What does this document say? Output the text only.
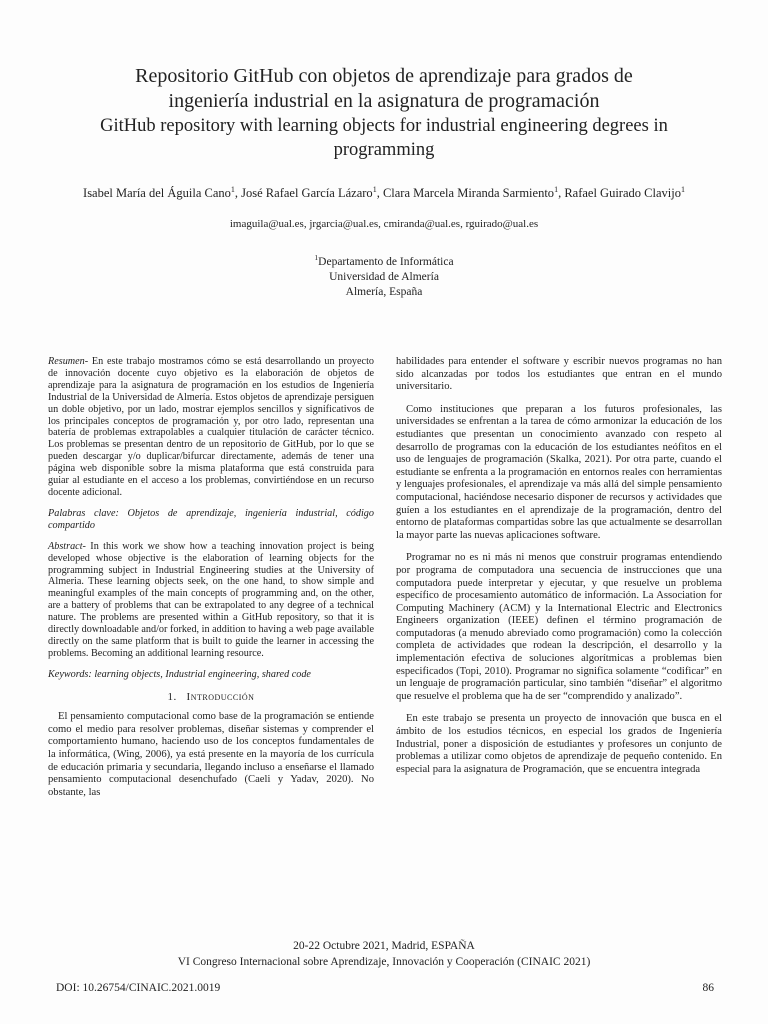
Repositorio GitHub con objetos de aprendizaje para grados de
ingeniería industrial en la asignatura de programación
GitHub repository with learning objects for industrial engineering degrees in
programming
Isabel María del Águila Cano$^1$, José Rafael García Lázaro$^1$, Clara Marcela Miranda Sarmiento$^1$, Rafael Guirado Clavijo$^1$
imaguila@ual.es, jrgarcia@ual.es, cmiranda@ual.es, rguirado@ual.es
$^1$Departamento de Informática
Universidad de Almería
Almería, España

Resumen- En este trabajo mostramos cómo se está desarrollando un proyecto de innovación docente cuyo objetivo es la elaboración de objetos de aprendizaje para la asignatura de programación en los estudios de Ingeniería Industrial de la Universidad de Almería. Estos objetos de aprendizaje persiguen un doble objetivo, por un lado, mostrar ejemplos sencillos y significativos de los principales conceptos de programación y, por otro lado, representan una batería de problemas extrapolables a cualquier titulación de carácter técnico. Los problemas se presentan dentro de un repositorio de GitHub, por lo que se pueden descargar y/o duplicar/bifurcar directamente, además de tener una página web disponible sobre la misma plataforma que está construida para guiar al estudiante en el acceso a los problemas, convirtiéndose en un recurso docente adicional.

Palabras clave: Objetos de aprendizaje, ingeniería industrial, código compartido

Abstract- In this work we show how a teaching innovation project is being developed whose objective is the elaboration of learning objects for the programming subject in Industrial Engineering studies at the University of Almeria. These learning objects seek, on the one hand, to show simple and meaningful examples of the main concepts of programming and, on the other, are a battery of problems that can be extrapolated to any degree of a technical nature. The problems are presented within a GitHub repository, so that it is directly downloadable and/or forked, in addition to having a web page available directly on the same platform that is built to guide the learner in accessing the problems. Becoming an additional learning resource.

Keywords: learning objects, Industrial engineering, shared code

1. Introducción

El pensamiento computacional como base de la programación se entiende como el medio para resolver problemas, diseñar sistemas y comprender el comportamiento humano, haciendo uso de los conceptos fundamentales de la informática, (Wing, 2006), ya está presente en la mayoría de los currícula de educación primaria y secundaria, llegando incluso a enseñarse el llamado pensamiento computacional desenchufado (Caeli y Yadav, 2020). No obstante, las

habilidades para entender el software y escribir nuevos programas no han sido alcanzadas por todos los estudiantes que entran en el mundo universitario.

Como instituciones que preparan a los futuros profesionales, las universidades se enfrentan a la tarea de cómo armonizar la educación de los estudiantes que presentan un conocimiento avanzado con respeto al desarrollo de programas con la educación de los estudiantes neófitos en el uso de lenguajes de programación (Skalka, 2021). Por otra parte, cuando el estudiante se enfrenta a la programación en entornos reales con herramientas y lenguajes profesionales, el aprendizaje va más allá del simple pensamiento computacional, haciéndose necesario disponer de recursos y actividades que guíen a los estudiantes en el aprendizaje de la programación, dentro del entorno de plataformas compartidas sobre las que actualmente se desarrollan la mayor parte las nuevas aplicaciones software.

Programar no es ni más ni menos que construir programas entendiendo por programa de computadora una secuencia de instrucciones que una computadora puede interpretar y ejecutar, y que resuelve un problema específico de procesamiento automático de información. La Association for Computing Machinery (ACM) y la International Electric and Electronics Engineers organization (IEEE) definen el término programación de computadoras (a menudo abreviado como programación) como la colección completa de actividades que rodean la descripción, el desarrollo y la implementación efectiva de soluciones algorítmicas a problemas bien especificados (Topi, 2010). Programar no significa solamente “codificar” en un lenguaje de programación particular, sino también “diseñar” el algoritmo que resuelve el problema que ha de ser “comprendido y analizado”.

En este trabajo se presenta un proyecto de innovación que busca en el ámbito de los estudios técnicos, en especial los grados de Ingeniería Industrial, poner a disposición de estudiantes y profesores un conjunto de problemas a utilizar como objetos de aprendizaje de pequeño contenido. En especial para la asignatura de Programación, que se encuentra integrada

20-22 Octubre 2021, Madrid, ESPAÑA
VI Congreso Internacional sobre Aprendizaje, Innovación y Cooperación (CINAIC 2021)
DOI: 10.26754/CINAIC.2021.0019	86
